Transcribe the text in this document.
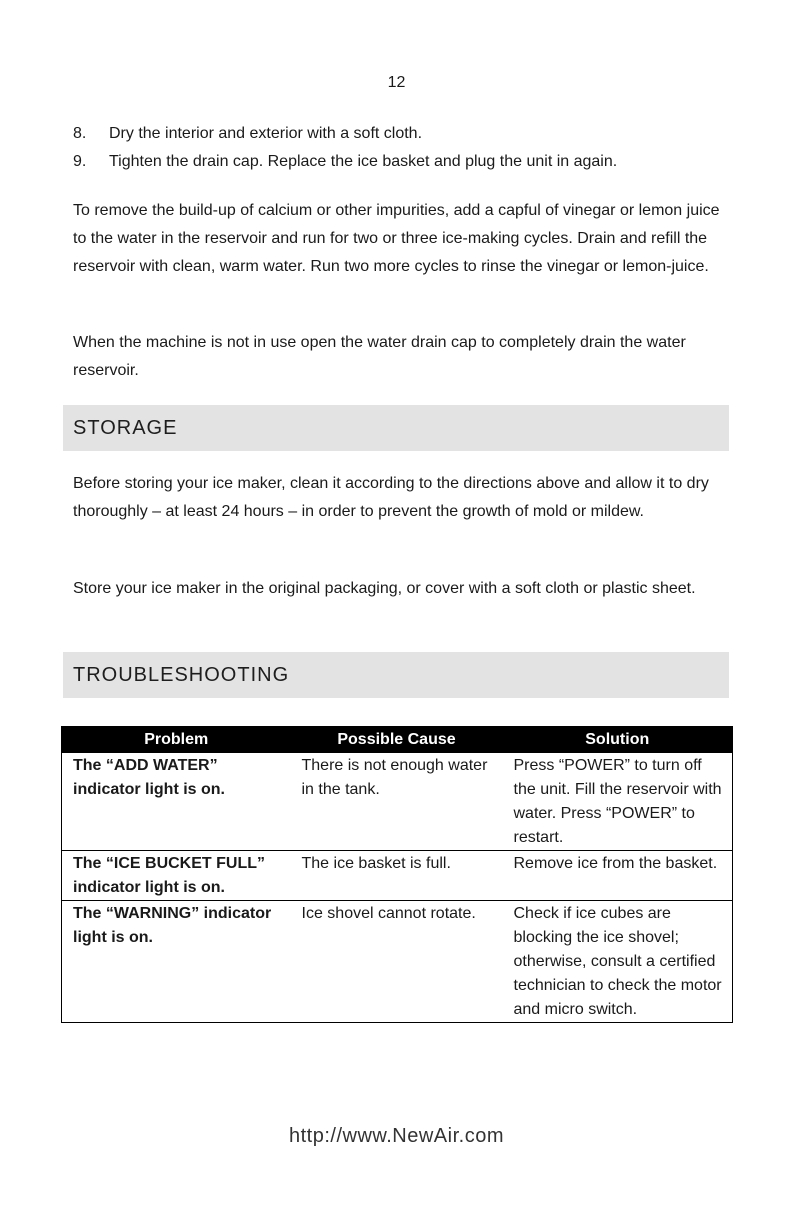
12
8.	Dry the interior and exterior with a soft cloth.
9.	Tighten the drain cap. Replace the ice basket and plug the unit in again.

To remove the build-up of calcium or other impurities, add a capful of vinegar or lemon juice to the water in the reservoir and run for two or three ice-making cycles. Drain and refill the reservoir with clean, warm water. Run two more cycles to rinse the vinegar or lemon-juice.

When the machine is not in use open the water drain cap to completely drain the water reservoir.

STORAGE

Before storing your ice maker, clean it according to the directions above and allow it to dry thoroughly – at least 24 hours – in order to prevent the growth of mold or mildew.

Store your ice maker in the original packaging, or cover with a soft cloth or plastic sheet.

TROUBLESHOOTING
Problem	Possible Cause	Solution
The “ADD WATER” indicator light is on.	There is not enough water in the tank.	Press “POWER” to turn off the unit. Fill the reservoir with water. Press “POWER” to restart.
The “ICE BUCKET FULL” indicator light is on.	The ice basket is full.	Remove ice from the basket.
The “WARNING” indicator light is on.	Ice shovel cannot rotate.	Check if ice cubes are blocking the ice shovel; otherwise, consult a certified technician to check the motor and micro switch.
http://www.NewAir.com
